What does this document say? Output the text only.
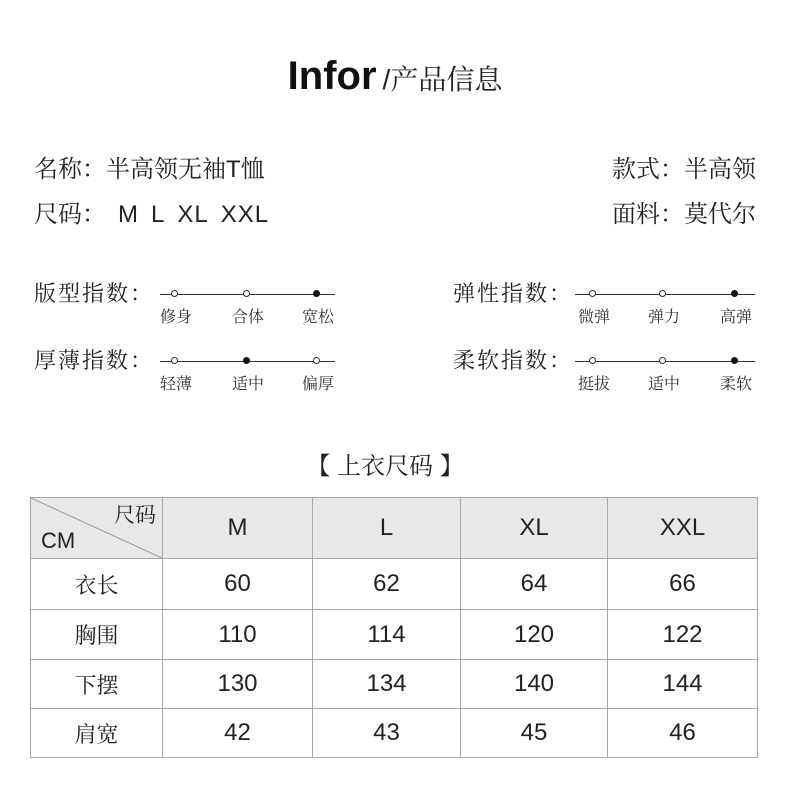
Infor /产品信息
名称：半高领无袖T恤	款式：半高领
尺码： M L XL XXL	面料：莫代尔
版型指数：
修身	合体	宽松
弹性指数：
微弹	弹力	高弹
厚薄指数：
轻薄	适中	偏厚
柔软指数：
挺拔	适中	柔软
【 上衣尺码 】
尺码
CM	M	L	XL	XXL
衣长	60	62	64	66
胸围	110	114	120	122
下摆	130	134	140	144
肩宽	42	43	45	46
